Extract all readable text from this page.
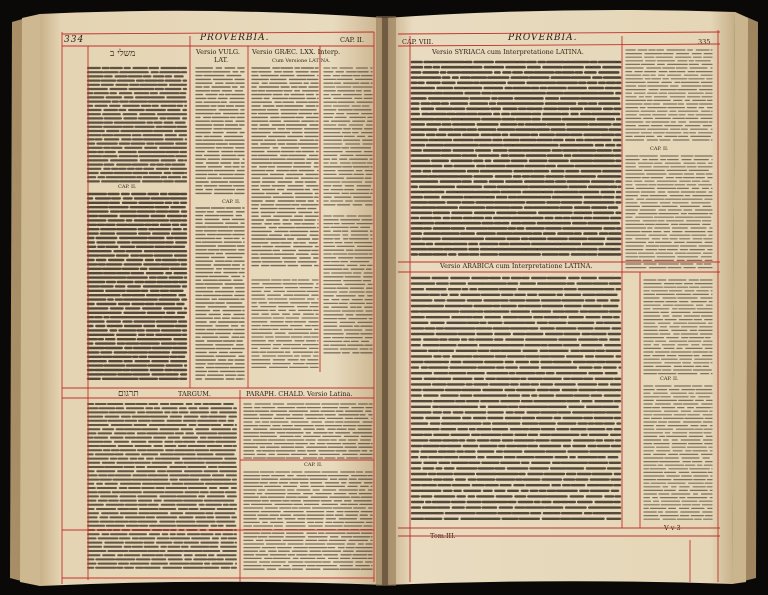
334	PROVERBIA.	CAP. II.
משלי ב	Versio VULG.
LAT.
Versio GRÆC. LXX. Interp.
Cum Versione LATINA.
CAP. II.
CAP. II.
תרגום	TARGUM.	PARAPH. CHALD. Versio Latina.
CAP. II.
CAP. VIII.	PROVERBIA.	335
Versio SYRIACA cum Interpretatione LATINA.
Versio ARABICA cum Interpretatione LATINA.
CAP. II.
CAP. II.
Tom.III.
V v 3
